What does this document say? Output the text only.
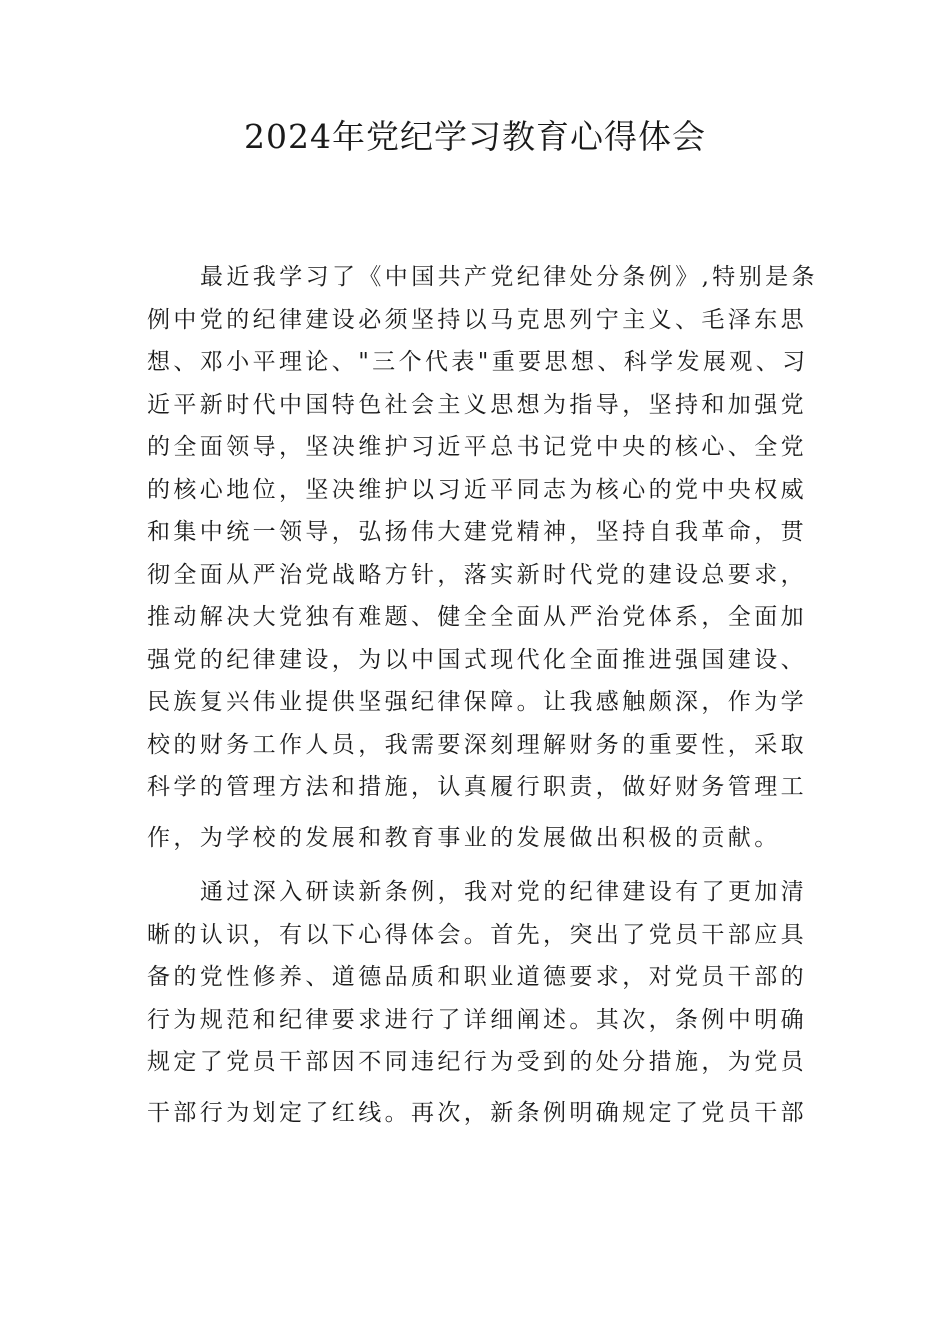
2024年党纪学习教育心得体会
最近我学习了《中国共产党纪律处分条例》,特别是条
例中党的纪律建设必须坚持以马克思列宁主义、毛泽东思
想、邓小平理论、"三个代表"重要思想、科学发展观、习
近平新时代中国特色社会主义思想为指导，坚持和加强党
的全面领导，坚决维护习近平总书记党中央的核心、全党
的核心地位，坚决维护以习近平同志为核心的党中央权威
和集中统一领导，弘扬伟大建党精神，坚持自我革命，贯
彻全面从严治党战略方针，落实新时代党的建设总要求，
推动解决大党独有难题、健全全面从严治党体系，全面加
强党的纪律建设，为以中国式现代化全面推进强国建设、
民族复兴伟业提供坚强纪律保障。让我感触颇深，作为学
校的财务工作人员，我需要深刻理解财务的重要性，采取
科学的管理方法和措施，认真履行职责，做好财务管理工
作，为学校的发展和教育事业的发展做出积极的贡献。
通过深入研读新条例，我对党的纪律建设有了更加清
晰的认识，有以下心得体会。首先，突出了党员干部应具
备的党性修养、道德品质和职业道德要求，对党员干部的
行为规范和纪律要求进行了详细阐述。其次，条例中明确
规定了党员干部因不同违纪行为受到的处分措施，为党员
干部行为划定了红线。再次，新条例明确规定了党员干部
